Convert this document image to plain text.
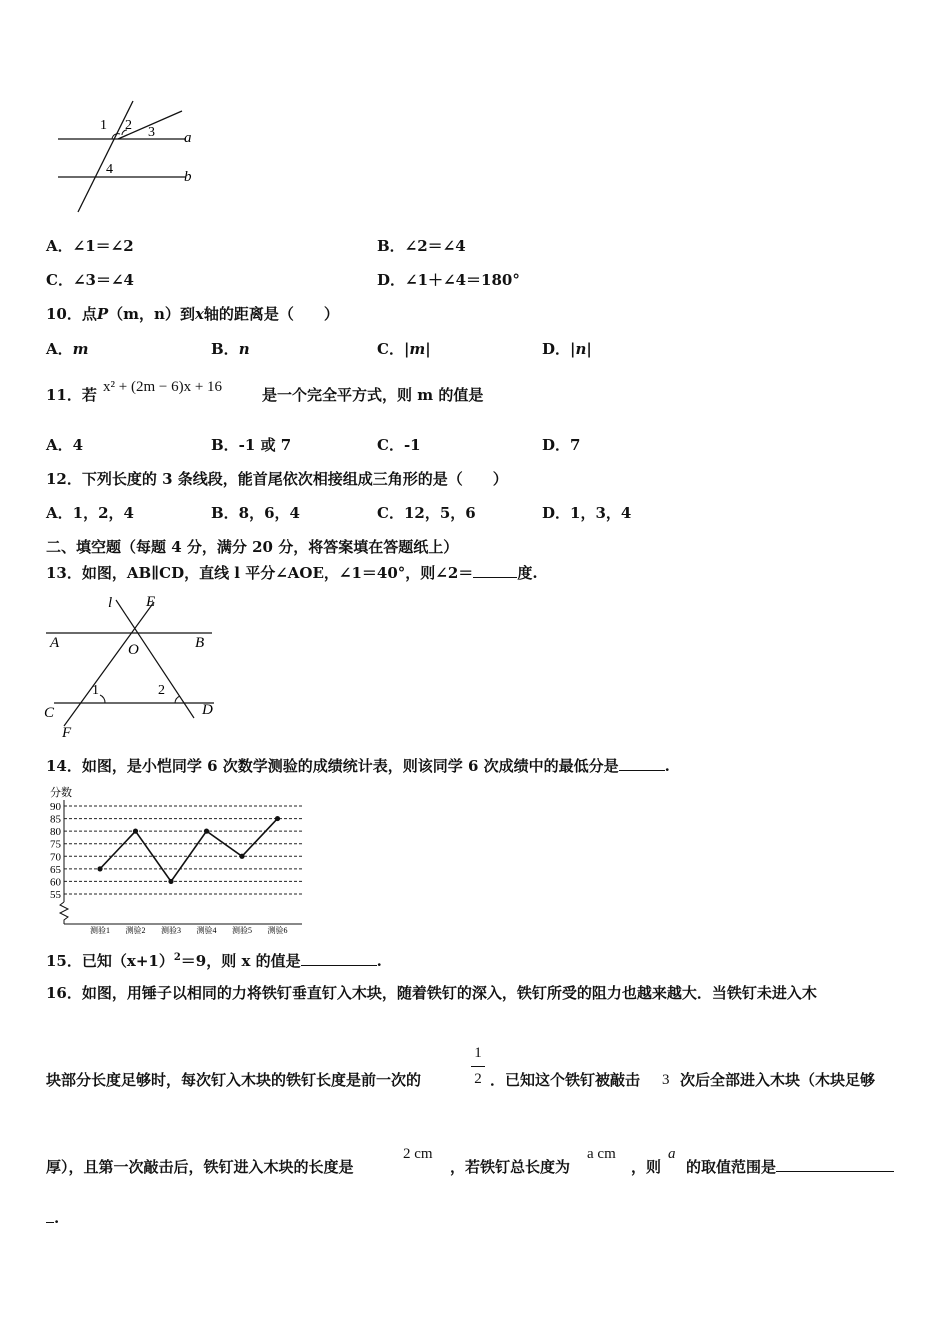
1 2 3
4
a
b
A．∠1＝∠2	B．∠2＝∠4
C．∠3＝∠4	D．∠1＋∠4＝180°
10．点P（m，n）到x轴的距离是（　　）
A．m	B．n	C．|m|	D．|n|
11．若 x² + (2m − 6)x + 16	是一个完全平方式，则 m 的值是
A．4	B．-1 或 7	C．-1	D．7
12．下列长度的 3 条线段，能首尾依次相接组成三角形的是（　　）
A．1，2，4	B．8，6，4	C．12，5，6	D．1，3，4
二、填空题（每题 4 分，满分 20 分，将答案填在答题纸上）
13．如图，AB∥CD，直线 l 平分∠AOE，∠1＝40°，则∠2＝	度.
l E
A	B
O
1	2
C	D
F
14．如图，是小恺同学 6 次数学测验的成绩统计表，则该同学 6 次成绩中的最低分是	.
分数
55
60
65
70
75
80
85
90
测验1 测验2 测验3 测验4 测验5 测验6
15．已知$(x+1)^2=9$，则 x 的值是	.
16．如图，用锤子以相同的力将铁钉垂直钉入木块，随着铁钉的深入，铁钉所受的阻力也越来越大．当铁钉未进入木
块部分长度足够时，每次钉入木块的铁钉长度是前一次的
1
2 ．已知这个铁钉被敲击 3 次后全部进入木块（木块足够
厚），且第一次敲击后，铁钉进入木块的长度是
2 cm
，若铁钉总长度为
a cm
，则
a
的取值范围是
.
